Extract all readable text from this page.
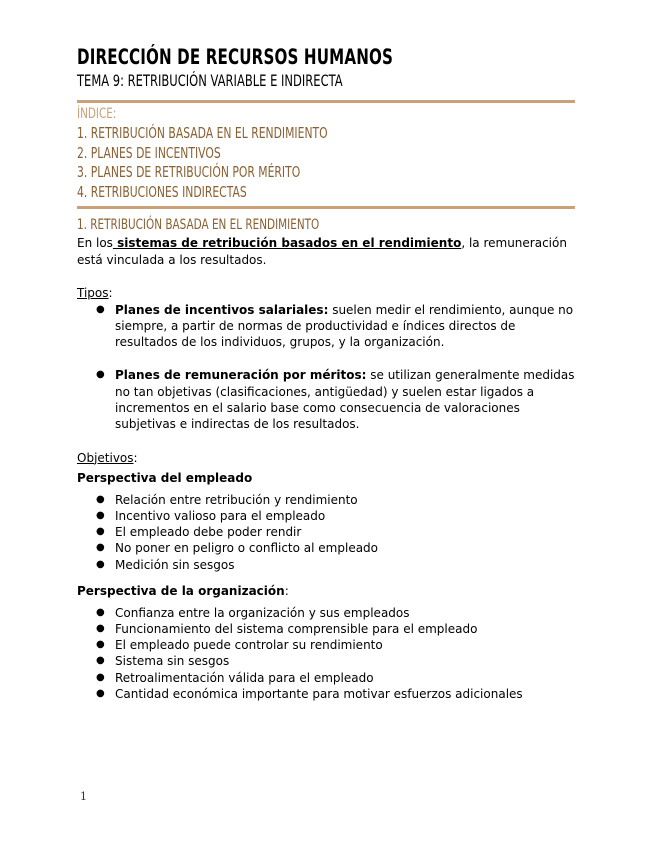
DIRECCIÓN DE RECURSOS HUMANOS
TEMA 9: RETRIBUCIÓN VARIABLE E INDIRECTA
ÍNDICE:
1. RETRIBUCIÓN BASADA EN EL RENDIMIENTO
2. PLANES DE INCENTIVOS
3. PLANES DE RETRIBUCIÓN POR MÉRITO
4. RETRIBUCIONES INDIRECTAS
1. RETRIBUCIÓN BASADA EN EL RENDIMIENTO
En los sistemas de retribución basados en el rendimiento, la remuneración está vinculada a los resultados.
Tipos:
● Planes de incentivos salariales: suelen medir el rendimiento, aunque no siempre, a partir de normas de productividad e índices directos de resultados de los individuos, grupos, y la organización.
● Planes de remuneración por méritos: se utilizan generalmente medidas no tan objetivas (clasificaciones, antigüedad) y suelen estar ligados a incrementos en el salario base como consecuencia de valoraciones subjetivas e indirectas de los resultados.
Objetivos:
Perspectiva del empleado
● Relación entre retribución y rendimiento
● Incentivo valioso para el empleado
● El empleado debe poder rendir
● No poner en peligro o conflicto al empleado
● Medición sin sesgos
Perspectiva de la organización:
● Confianza entre la organización y sus empleados
● Funcionamiento del sistema comprensible para el empleado
● El empleado puede controlar su rendimiento
● Sistema sin sesgos
● Retroalimentación válida para el empleado
● Cantidad económica importante para motivar esfuerzos adicionales
1
